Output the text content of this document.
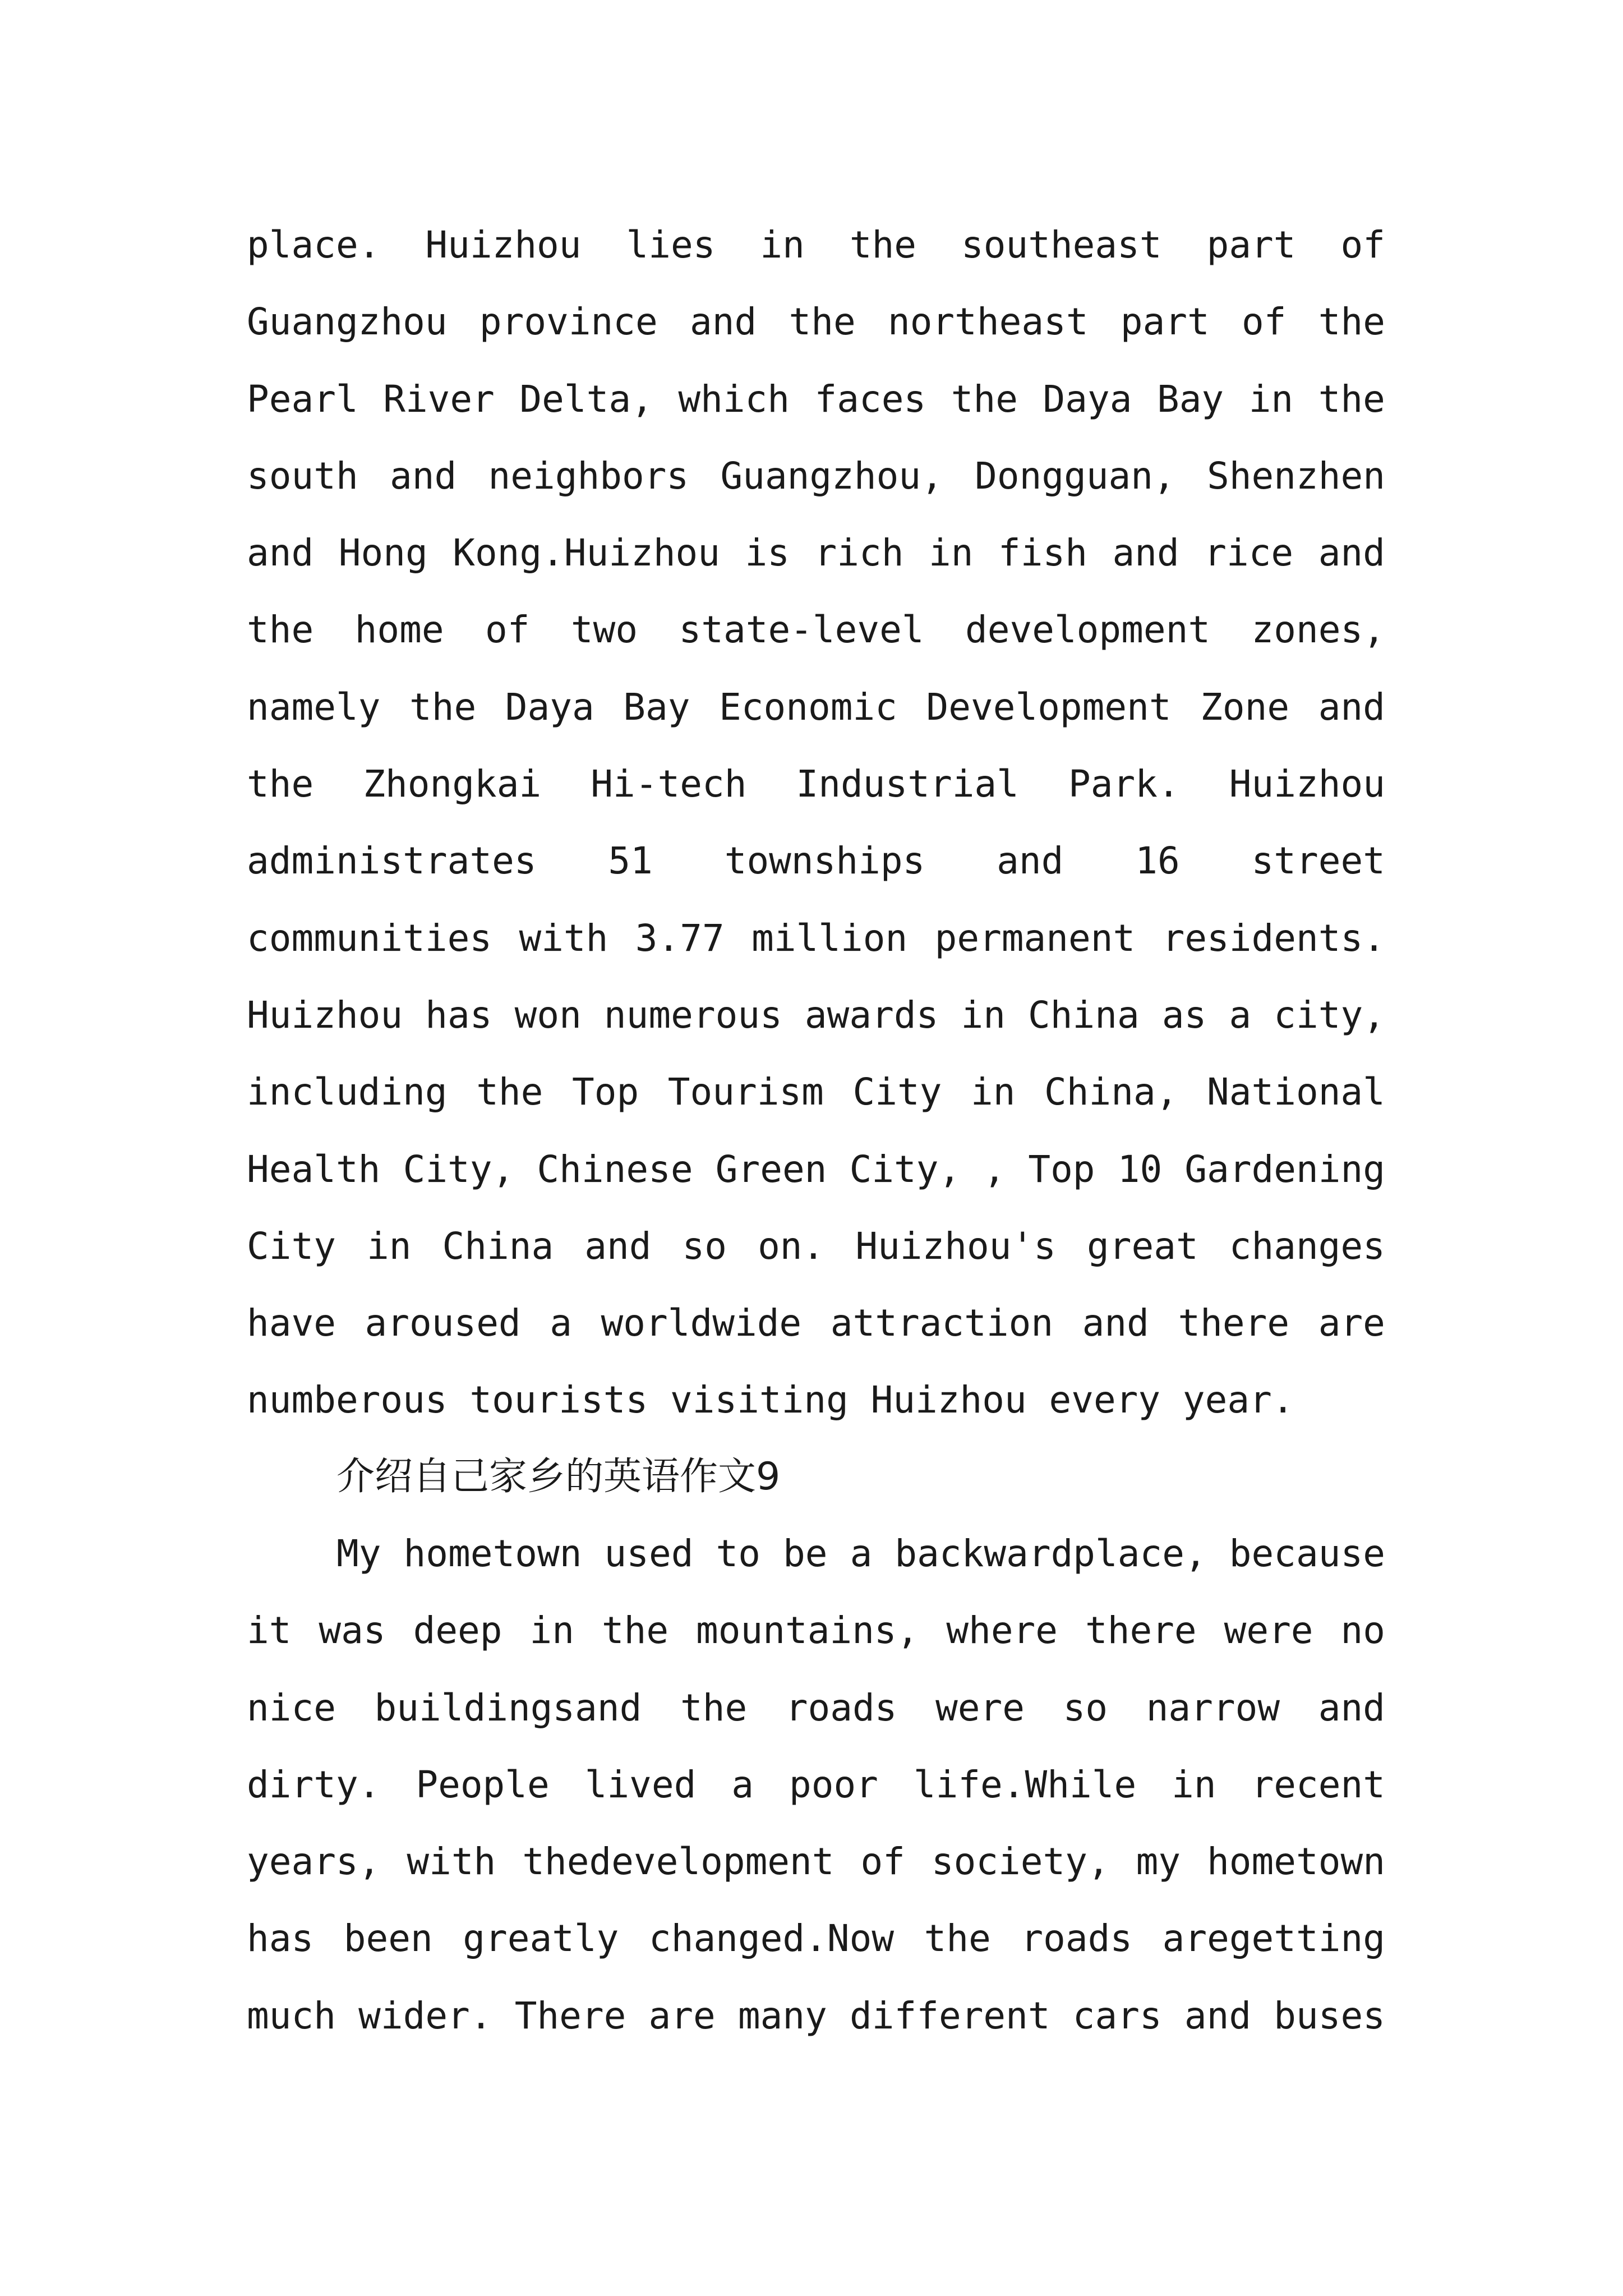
place. Huizhou lies in the southeast part of
Guangzhou province and the northeast part of the
Pearl River Delta, which faces the Daya Bay in the
south and neighbors Guangzhou, Dongguan, Shenzhen
and Hong Kong.Huizhou is rich in fish and rice and
the home of two state-level development zones,
namely the Daya Bay Economic Development Zone and
the Zhongkai Hi-tech Industrial Park. Huizhou
administrates 51 townships and 16 street
communities with 3.77 million permanent residents.
Huizhou has won numerous awards in China as a city,
including the Top Tourism City in China, National
Health City, Chinese Green City, , Top 10 Gardening
City in China and so on. Huizhou's great changes
have aroused a worldwide attraction and there are
numberous tourists visiting Huizhou every year.
介绍自己家乡的英语作文9
My hometown used to be a backwardplace, because
it was deep in the mountains, where there were no
nice buildingsand the roads were so narrow and
dirty. People lived a poor life.While in recent
years, with thedevelopment of society, my hometown
has been greatly changed.Now the roads aregetting
much wider. There are many different cars and buses
